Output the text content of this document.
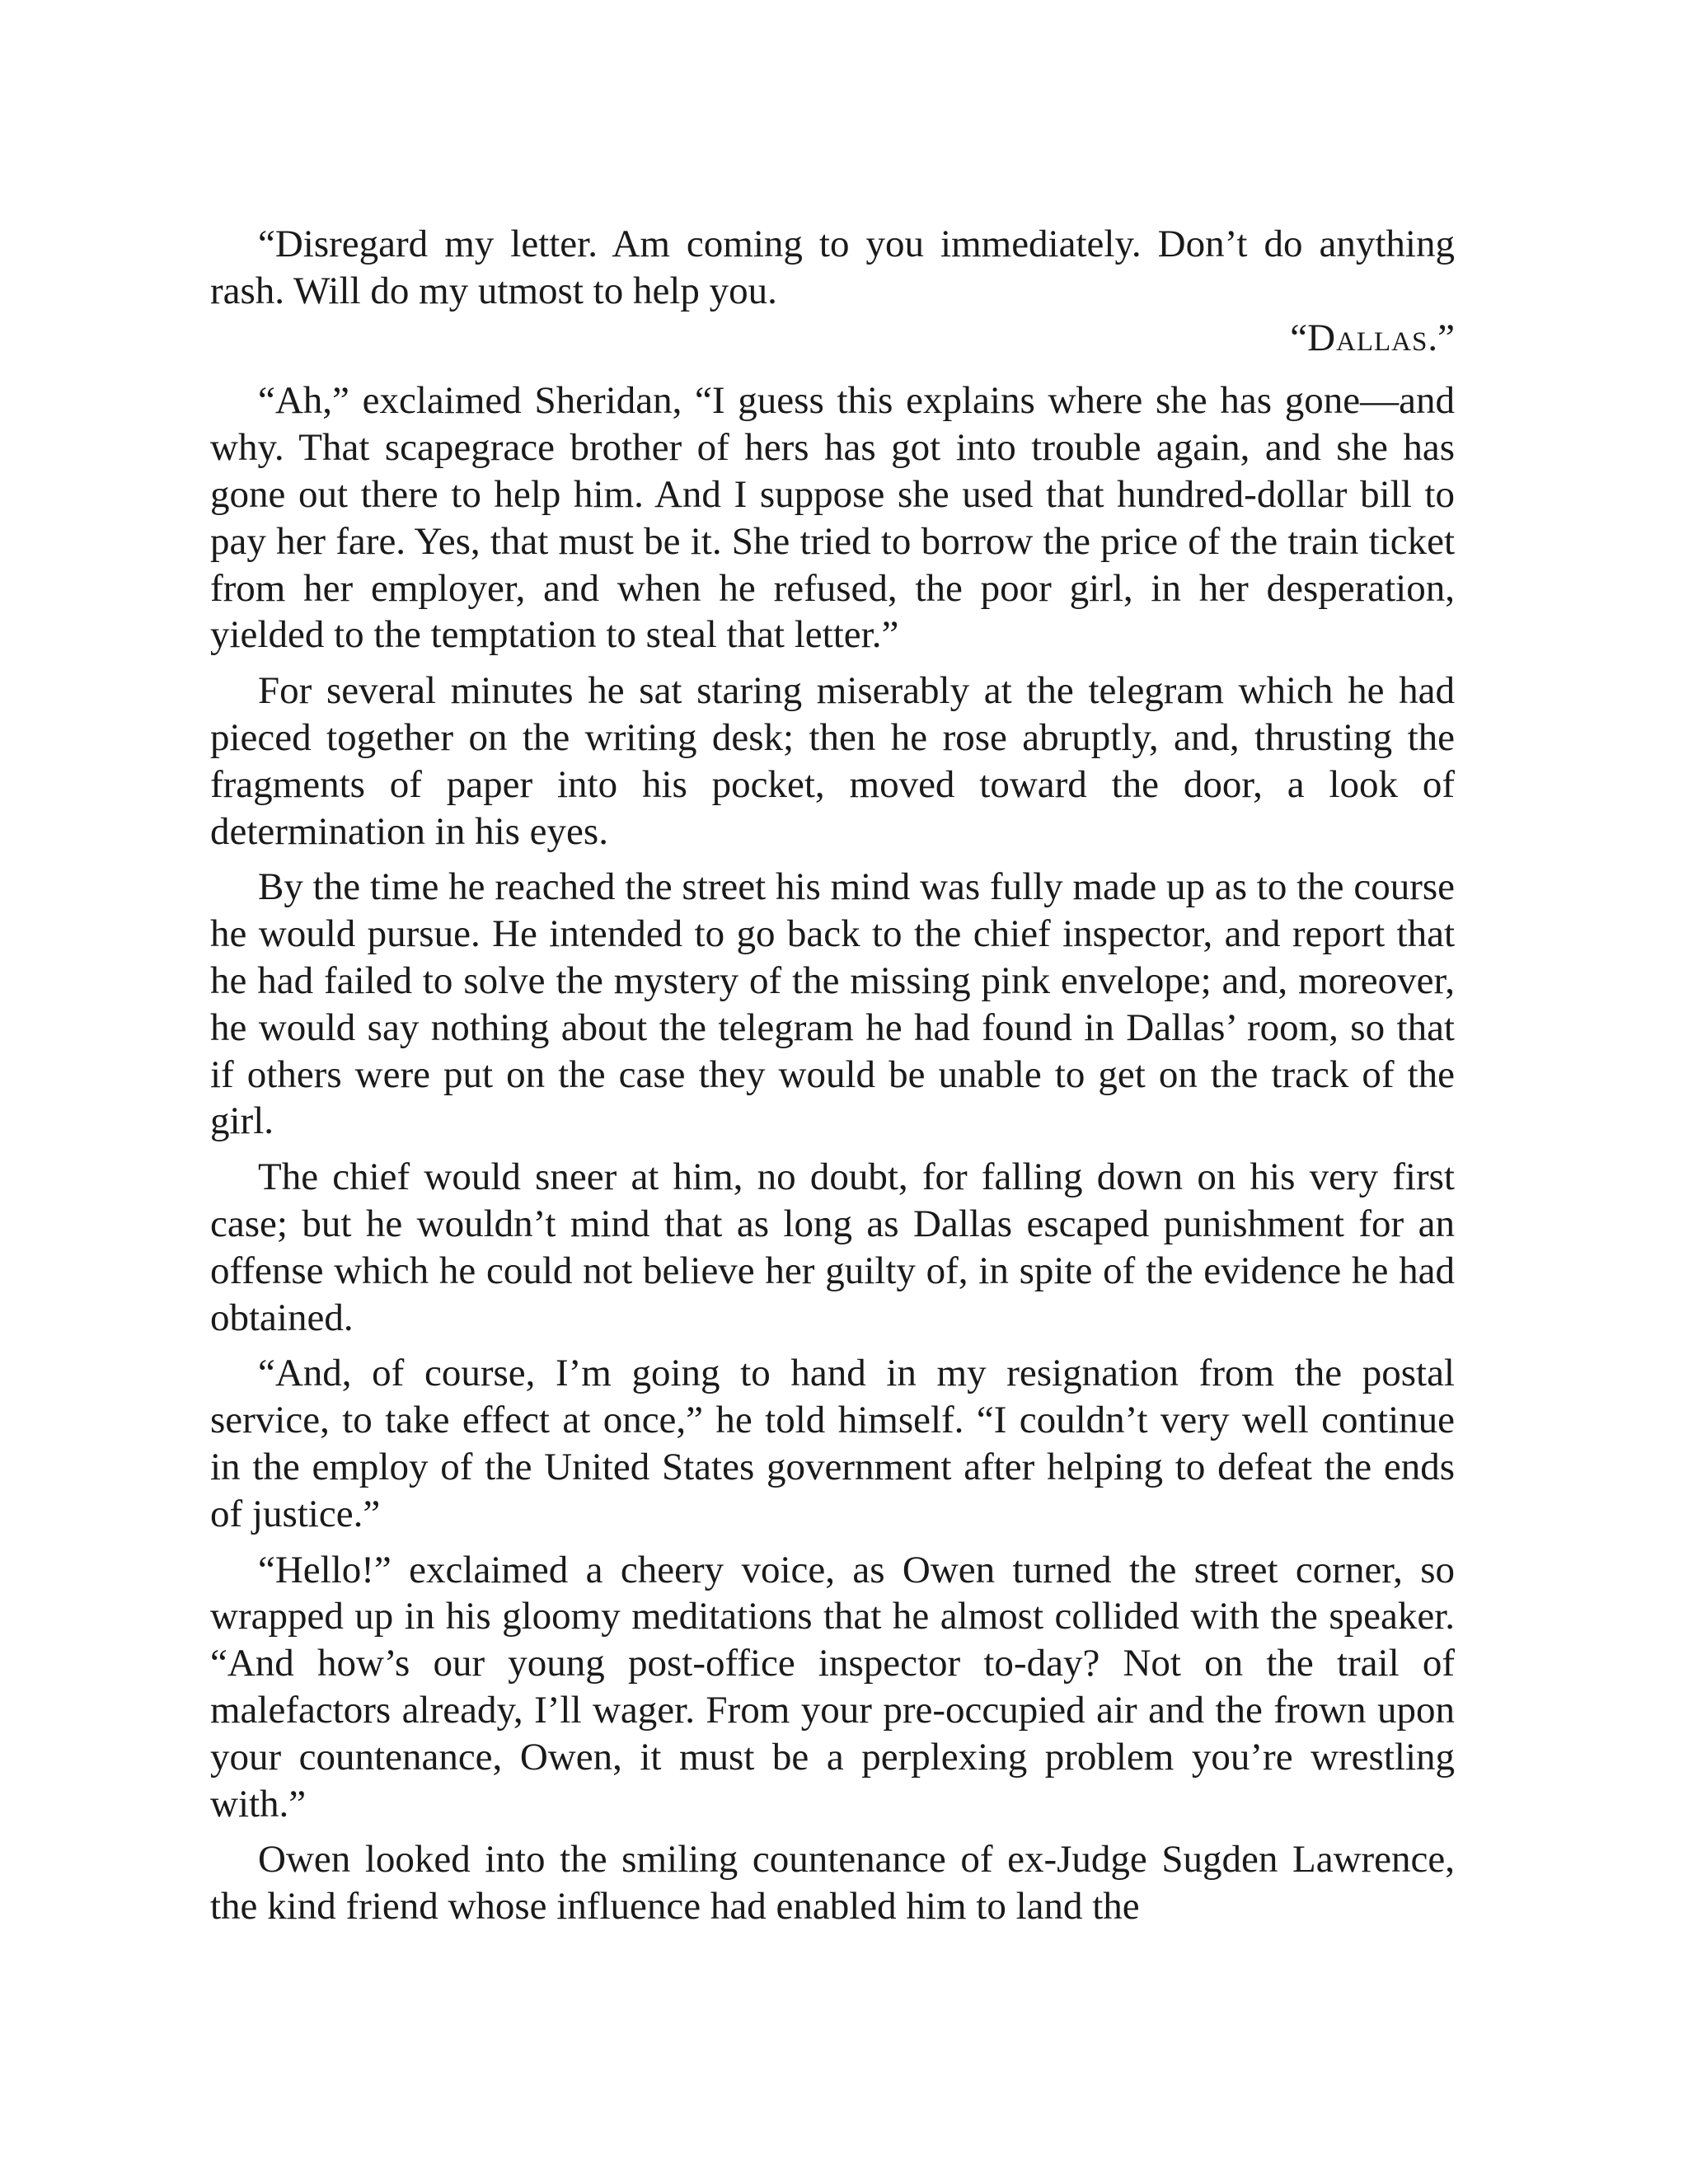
“Disregard my letter. Am coming to you immediately. Don’t do anything rash. Will do my utmost to help you.

“Dallas.”

“Ah,” exclaimed Sheridan, “I guess this explains where she has gone—and why. That scapegrace brother of hers has got into trouble again, and she has gone out there to help him. And I suppose she used that hundred-dollar bill to pay her fare. Yes, that must be it. She tried to borrow the price of the train ticket from her employer, and when he refused, the poor girl, in her desperation, yielded to the temptation to steal that letter.”

For several minutes he sat staring miserably at the telegram which he had pieced together on the writing desk; then he rose abruptly, and, thrusting the fragments of paper into his pocket, moved toward the door, a look of determination in his eyes.

By the time he reached the street his mind was fully made up as to the course he would pursue. He intended to go back to the chief inspector, and report that he had failed to solve the mystery of the missing pink envelope; and, moreover, he would say nothing about the telegram he had found in Dallas’ room, so that if others were put on the case they would be unable to get on the track of the girl.

The chief would sneer at him, no doubt, for falling down on his very first case; but he wouldn’t mind that as long as Dallas escaped punishment for an offense which he could not believe her guilty of, in spite of the evidence he had obtained.

“And, of course, I’m going to hand in my resignation from the postal service, to take effect at once,” he told himself. “I couldn’t very well continue in the employ of the United States government after helping to defeat the ends of justice.”

“Hello!” exclaimed a cheery voice, as Owen turned the street corner, so wrapped up in his gloomy meditations that he almost collided with the speaker. “And how’s our young post-office inspector to-day? Not on the trail of malefactors already, I’ll wager. From your pre-occupied air and the frown upon your countenance, Owen, it must be a perplexing problem you’re wrestling with.”

Owen looked into the smiling countenance of ex-Judge Sugden Lawrence, the kind friend whose influence had enabled him to land the
